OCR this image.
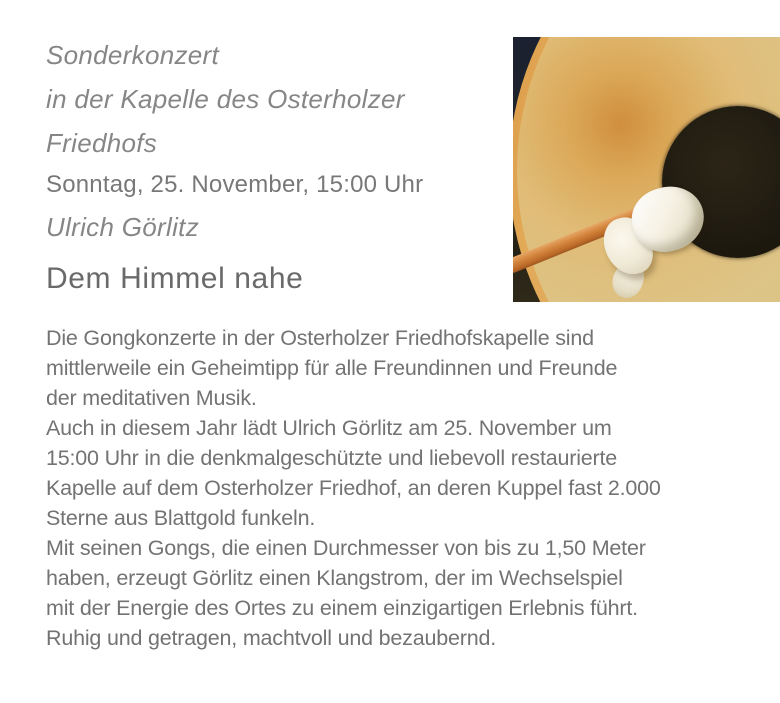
Sonderkonzert
in der Kapelle des Osterholzer
Friedhofs
Sonntag, 25. November, 15:00 Uhr
Ulrich Görlitz
Dem Himmel nahe
Die Gongkonzerte in der Osterholzer Friedhofskapelle sind
mittlerweile ein Geheimtipp für alle Freundinnen und Freunde
der meditativen Musik.
Auch in diesem Jahr lädt Ulrich Görlitz am 25. November um
15:00 Uhr in die denkmalgeschützte und liebevoll restaurierte
Kapelle auf dem Osterholzer Friedhof, an deren Kuppel fast 2.000
Sterne aus Blattgold funkeln.
Mit seinen Gongs, die einen Durchmesser von bis zu 1,50 Meter
haben, erzeugt Görlitz einen Klangstrom, der im Wechselspiel
mit der Energie des Ortes zu einem einzigartigen Erlebnis führt.
Ruhig und getragen, machtvoll und bezaubernd.
